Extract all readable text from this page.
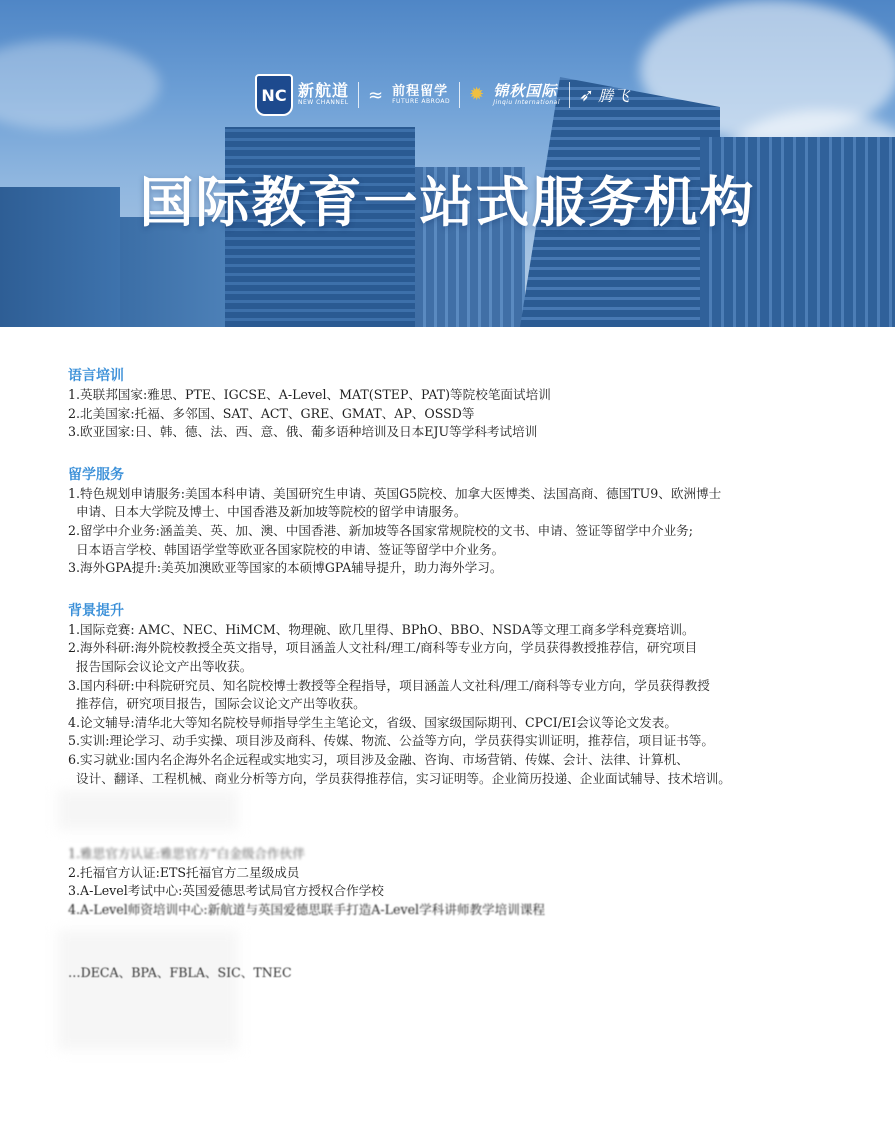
NC 新航道
NEW CHANNEL ≈ 前程留学
FUTURE ABROAD ✹ 锦秋国际
Jinqiu International ➶ 腾飞
国际教育一站式服务机构
语言培训
1.英联邦国家:雅思、PTE、IGCSE、A-Level、MAT(STEP、PAT)等院校笔面试培训
2.北美国家:托福、多邻国、SAT、ACT、GRE、GMAT、AP、OSSD等
3.欧亚国家:日、韩、德、法、西、意、俄、葡多语种培训及日本EJU等学科考试培训
留学服务
1.特色规划申请服务:美国本科申请、美国研究生申请、英国G5院校、加拿大医博类、法国高商、德国TU9、欧洲博士
申请、日本大学院及博士、中国香港及新加坡等院校的留学申请服务。
2.留学中介业务:涵盖美、英、加、澳、中国香港、新加坡等各国家常规院校的文书、申请、签证等留学中介业务;
日本语言学校、韩国语学堂等欧亚各国家院校的申请、签证等留学中介业务。
3.海外GPA提升:美英加澳欧亚等国家的本硕博GPA辅导提升，助力海外学习。
背景提升
1.国际竞赛: AMC、NEC、HiMCM、物理碗、欧几里得、BPhO、BBO、NSDA等文理工商多学科竞赛培训。
2.海外科研:海外院校教授全英文指导，项目涵盖人文社科/理工/商科等专业方向，学员获得教授推荐信，研究项目
报告国际会议论文产出等收获。
3.国内科研:中科院研究员、知名院校博士教授等全程指导，项目涵盖人文社科/理工/商科等专业方向，学员获得教授
推荐信，研究项目报告，国际会议论文产出等收获。
4.论文辅导:清华北大等知名院校导师指导学生主笔论文，省级、国家级国际期刊、CPCI/EI会议等论文发表。
5.实训:理论学习、动手实操、项目涉及商科、传媒、物流、公益等方向，学员获得实训证明，推荐信，项目证书等。
6.实习就业:国内名企海外名企远程或实地实习，项目涉及金融、咨询、市场营销、传媒、会计、法律、计算机、
设计、翻译、工程机械、商业分析等方向，学员获得推荐信，实习证明等。企业简历投递、企业面试辅导、技术培训。
1.雅思官方认证:雅思官方“白金级合作伙伴
2.托福官方认证:ETS托福官方二星级成员
3.A-Level考试中心:英国爱德思考试局官方授权合作学校
4.A-Level师资培训中心:新航道与英国爱德思联手打造A-Level学科讲师教学培训课程
…DECA、BPA、FBLA、SIC、TNEC
